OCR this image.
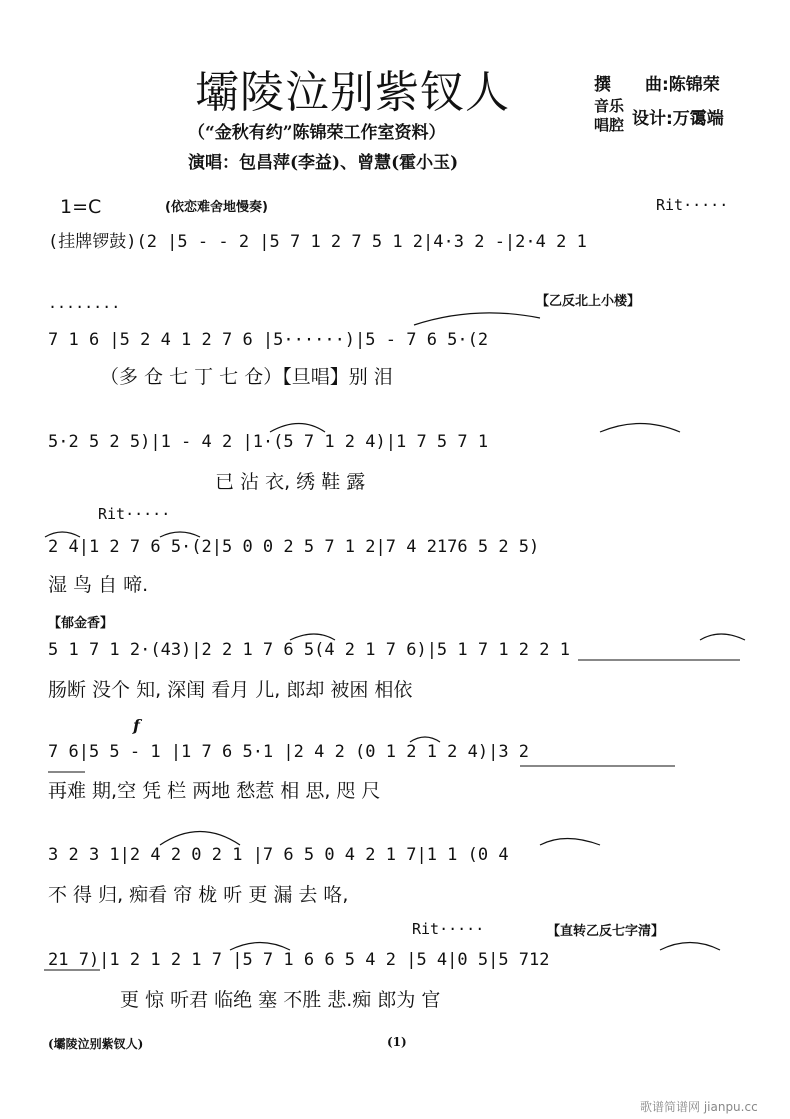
壩陵泣别紫钗人
（“金秋有约”陈锦荣工作室资料）
演唱：包昌萍(李益)、曾慧(霍小玉)
撰　　曲:陈锦荣
音乐
唱腔 设计:万霭端
1=C	(依恋难舍地慢奏)	Rit·····
(挂牌锣鼓)(2 |5 - - 2 |5 7 1 2 7 5 1 2|4·3 2 -|2·4 2 1
········	【乙反北上小楼】
7 1 6 |5 2 4 1 2 7 6 |5······)|5 - 7 6 5·(2
（多 仓 七 丁 七 仓）【旦唱】别 泪
5·2 5 2 5)|1 - 4 2 |1·(5 7 1 2 4)|1 7 5 7 1
已 沾 衣, 绣 鞋 露
Rit·····
2 4|1 2 7 6 5·(2|5 0 0 2 5 7 1 2|7 4 2176 5 2 5)
湿 鸟 自 啼.
【郁金香】
5 1 7 1 2·(43)|2 2 1 7 6 5(4 2 1 7 6)|5 1 7 1 2 2 1
肠断 没个 知, 深闺 看月 儿, 郎却 被困 相依
f
7 6|5 5 - 1 |1 7 6 5·1 |2 4 2 (0 1 2 1 2 4)|3 2
再难 期,空 凭 栏 两地 愁惹 相 思, 咫 尺
3 2 3 1|2 4 2 0 2 1 |7 6 5 0 4 2 1 7|1 1 (0 4
不 得 归, 痴看 帘 栊 听 更 漏 去 咯,
Rit·····	【直转乙反七字清】
21 7)|1 2 1 2 1 7 |5 7 1 6 6 5 4 2 |5 4|0 5|5 712
更 惊 听君 临绝 塞 不胜 悲.痴 郎为 官
(壩陵泣别紫钗人)	(1)
歌谱简谱网 jianpu.cc
